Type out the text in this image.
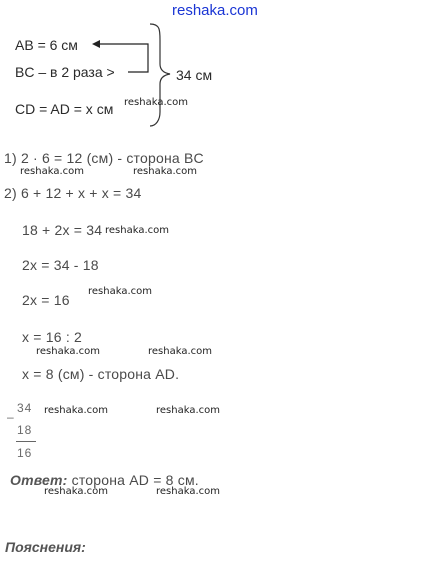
reshaka.com
AB = 6 см
BC – в 2 раза >
CD = AD = x см
34 см
1) 2 · 6 = 12 (см) - сторона BC
2) 6 + 12 + x + x = 34
18 + 2x = 34
2x = 34 - 18
2x = 16
x = 16 : 2
x = 8 (см) - сторона AD.
–
34
18
16
Ответ: сторона AD = 8 см.
Пояснения:
reshaka.com
reshaka.com	reshaka.com
reshaka.com
reshaka.com
reshaka.com	reshaka.com
reshaka.com	reshaka.com
reshaka.com	reshaka.com
